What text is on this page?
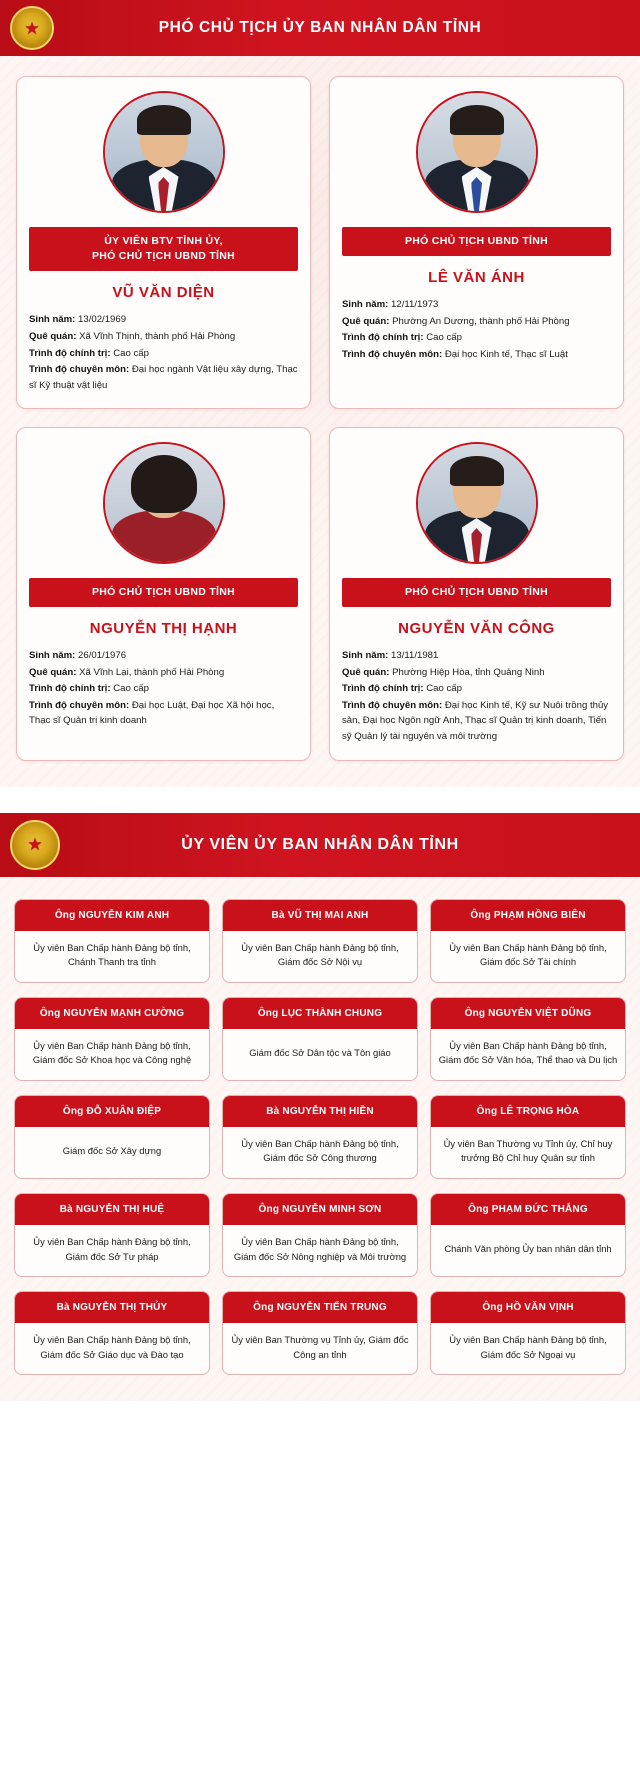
★	PHÓ CHỦ TỊCH ỦY BAN NHÂN DÂN TỈNH
ỦY VIÊN BTV TỈNH ỦY,
PHÓ CHỦ TỊCH UBND TỈNH
VŨ VĂN DIỆN
Sinh năm: 13/02/1969
Quê quán: Xã Vĩnh Thịnh, thành phố Hải Phòng
Trình độ chính trị: Cao cấp
Trình độ chuyên môn: Đại học ngành Vật liệu xây dựng, Thạc sĩ Kỹ thuật vật liệu
PHÓ CHỦ TỊCH UBND TỈNH
LÊ VĂN ÁNH
Sinh năm: 12/11/1973
Quê quán: Phường An Dương, thành phố Hải Phòng
Trình độ chính trị: Cao cấp
Trình độ chuyên môn: Đại học Kinh tế, Thạc sĩ Luật
PHÓ CHỦ TỊCH UBND TỈNH
NGUYỄN THỊ HẠNH
Sinh năm: 26/01/1976
Quê quán: Xã Vĩnh Lại, thành phố Hải Phòng
Trình độ chính trị: Cao cấp
Trình độ chuyên môn: Đại học Luật, Đại học Xã hội học, Thạc sĩ Quản trị kinh doanh
PHÓ CHỦ TỊCH UBND TỈNH
NGUYỄN VĂN CÔNG
Sinh năm: 13/11/1981
Quê quán: Phường Hiệp Hòa, tỉnh Quảng Ninh
Trình độ chính trị: Cao cấp
Trình độ chuyên môn: Đại học Kinh tế, Kỹ sư Nuôi trồng thủy sản, Đại học Ngôn ngữ Anh, Thạc sĩ Quản trị kinh doanh, Tiến sỹ Quản lý tài nguyên và môi trường
★	ỦY VIÊN ỦY BAN NHÂN DÂN TỈNH
Ông NGUYỄN KIM ANH
Ủy viên Ban Chấp hành Đảng bộ tỉnh, Chánh Thanh tra tỉnh
Bà VŨ THỊ MAI ANH
Ủy viên Ban Chấp hành Đảng bộ tỉnh, Giám đốc Sở Nội vụ
Ông PHẠM HỒNG BIÊN
Ủy viên Ban Chấp hành Đảng bộ tỉnh, Giám đốc Sở Tài chính
Ông NGUYỄN MẠNH CƯỜNG
Ủy viên Ban Chấp hành Đảng bộ tỉnh, Giám đốc Sở Khoa học và Công nghệ
Ông LỤC THÀNH CHUNG
Giám đốc Sở Dân tộc và Tôn giáo
Ông NGUYỄN VIỆT DŨNG
Ủy viên Ban Chấp hành Đảng bộ tỉnh, Giám đốc Sở Văn hóa, Thể thao và Du lịch
Ông ĐỖ XUÂN ĐIỆP
Giám đốc Sở Xây dựng
Bà NGUYỄN THỊ HIỀN
Ủy viên Ban Chấp hành Đảng bộ tỉnh, Giám đốc Sở Công thương
Ông LÊ TRỌNG HÒA
Ủy viên Ban Thường vụ Tỉnh ủy, Chỉ huy trưởng Bộ Chỉ huy Quân sự tỉnh
Bà NGUYỄN THỊ HUỆ
Ủy viên Ban Chấp hành Đảng bộ tỉnh, Giám đốc Sở Tư pháp
Ông NGUYỄN MINH SƠN
Ủy viên Ban Chấp hành Đảng bộ tỉnh, Giám đốc Sở Nông nghiệp và Môi trường
Ông PHẠM ĐỨC THẮNG
Chánh Văn phòng Ủy ban nhân dân tỉnh
Bà NGUYỄN THỊ THỦY
Ủy viên Ban Chấp hành Đảng bộ tỉnh, Giám đốc Sở Giáo dục và Đào tạo
Ông NGUYỄN TIẾN TRUNG
Ủy viên Ban Thường vụ Tỉnh ủy, Giám đốc Công an tỉnh
Ông HỒ VĂN VỊNH
Ủy viên Ban Chấp hành Đảng bộ tỉnh, Giám đốc Sở Ngoại vụ
